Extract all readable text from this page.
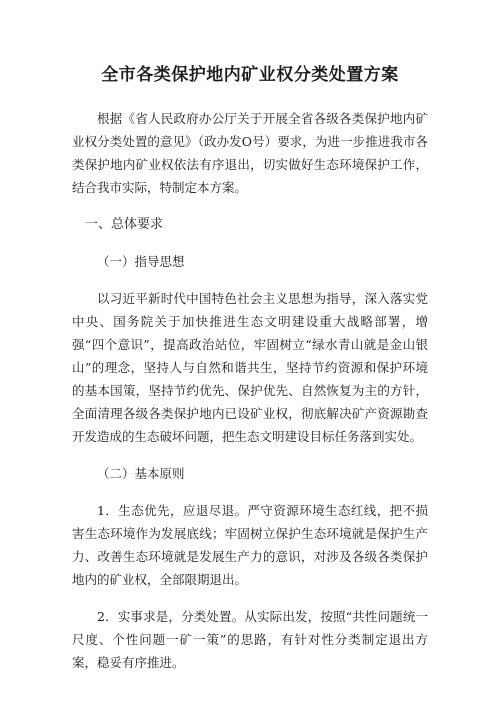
全市各类保护地内矿业权分类处置方案

根据《省人民政府办公厅关于开展全省各级各类保护地内矿业权分类处置的意见》（政办发O号）要求，为进一步推进我市各类保护地内矿业权依法有序退出，切实做好生态环境保护工作，结合我市实际，特制定本方案。

一、总体要求

（一）指导思想

以习近平新时代中国特色社会主义思想为指导，深入落实党中央、国务院关于加快推进生态文明建设重大战略部署，增强“四个意识”，提高政治站位，牢固树立“绿水青山就是金山银山”的理念，坚持人与自然和谐共生，坚持节约资源和保护环境的基本国策，坚持节约优先、保护优先、自然恢复为主的方针，全面清理各级各类保护地内已设矿业权，彻底解决矿产资源勘查开发造成的生态破坏问题，把生态文明建设目标任务落到实处。

（二）基本原则

1．生态优先，应退尽退。严守资源环境生态红线，把不损害生态环境作为发展底线；牢固树立保护生态环境就是保护生产力、改善生态环境就是发展生产力的意识，对涉及各级各类保护地内的矿业权，全部限期退出。

2．实事求是，分类处置。从实际出发，按照“共性问题统一尺度、个性问题一矿一策”的思路，有针对性分类制定退出方案，稳妥有序推进。
